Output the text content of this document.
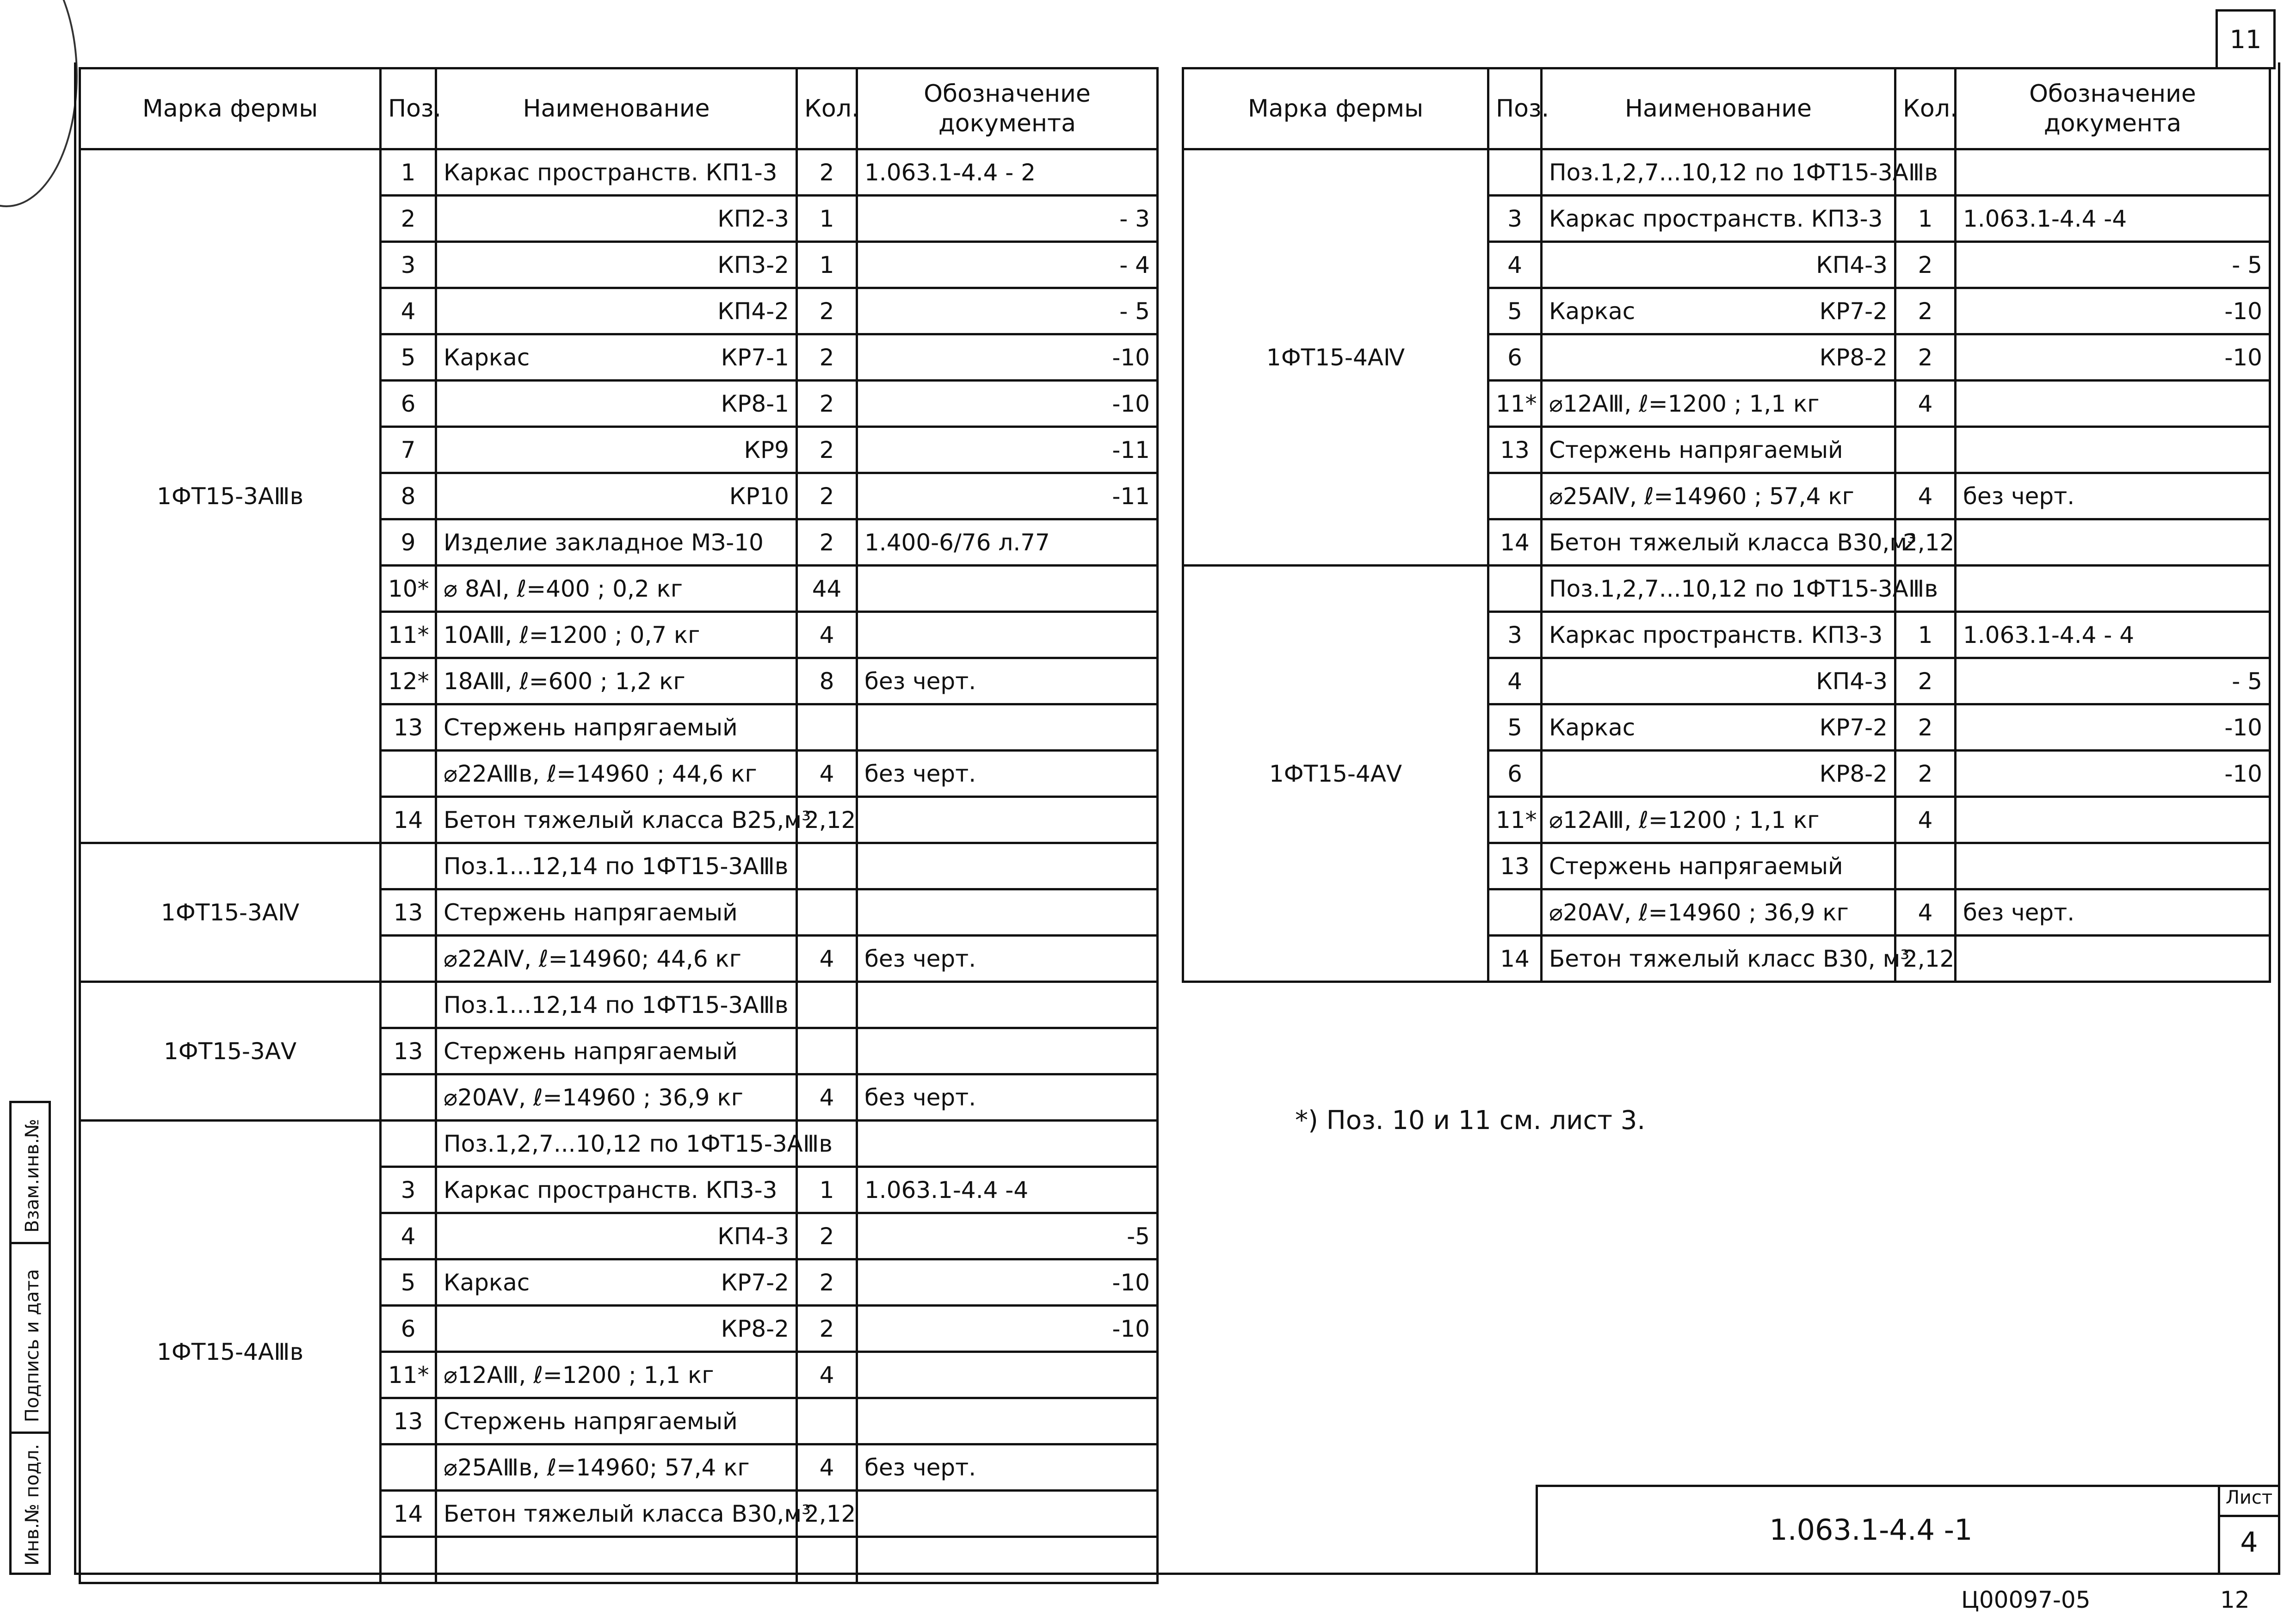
11
Марка фермы	Поз.	Наименование	Кол.	Обозначение документа
1ФТ15-3АⅢв	1	Каркас пространств. КП1-3	2	1.063.1-4.4 - 2
	2	КП2-3	1	- 3
	3	КП3-2	1	- 4
	4	КП4-2	2	- 5
	5	Каркас КР7-1	2	-10
	6	КР8-1	2	-10
	7	КР9	2	-11
	8	КР10	2	-11
	9	Изделие закладное МЗ-10	2	1.400-6/76 л.77
	10*	⌀ 8АⅠ, ℓ=400 ; 0,2 кг	44	
	11*	10АⅢ, ℓ=1200 ; 0,7 кг	4	
	12*	18АⅢ, ℓ=600 ; 1,2 кг	8	без черт.
	13	Стержень напрягаемый		
		⌀22АⅢв, ℓ=14960 ; 44,6 кг	4	без черт.
	14	Бетон тяжелый класса В25,м³	2,12	
1ФТ15-3АⅣ		Поз.1...12,14 по 1ФТ15-3АⅢв		
	13	Стержень напрягаемый		
		⌀22АⅣ, ℓ=14960; 44,6 кг	4	без черт.
1ФТ15-3АⅤ		Поз.1...12,14 по 1ФТ15-3АⅢв		
	13	Стержень напрягаемый		
		⌀20АⅤ, ℓ=14960 ; 36,9 кг	4	без черт.
1ФТ15-4АⅢв		Поз.1,2,7...10,12 по 1ФТ15-3АⅢв		
	3	Каркас пространств. КП3-3	1	1.063.1-4.4 -4
	4	КП4-3	2	-5
	5	Каркас КР7-2	2	-10
	6	КР8-2	2	-10
	11*	⌀12АⅢ, ℓ=1200 ; 1,1 кг	4	
	13	Стержень напрягаемый		
		⌀25АⅢв, ℓ=14960; 57,4 кг	4	без черт.
	14	Бетон тяжелый класса В30,м³	2,12	

Марка фермы	Поз.	Наименование	Кол.	Обозначение документа
1ФТ15-4АⅣ		Поз.1,2,7...10,12 по 1ФТ15-3АⅢв		
	3	Каркас пространств. КП3-3	1	1.063.1-4.4 -4
	4	КП4-3	2	- 5
	5	Каркас КР7-2	2	-10
	6	КР8-2	2	-10
	11*	⌀12АⅢ, ℓ=1200 ; 1,1 кг	4	
	13	Стержень напрягаемый		
		⌀25АⅣ, ℓ=14960 ; 57,4 кг	4	без черт.
	14	Бетон тяжелый класса В30,м³	2,12	
1ФТ15-4АⅤ		Поз.1,2,7...10,12 по 1ФТ15-3АⅢв		
	3	Каркас пространств. КП3-3	1	1.063.1-4.4 - 4
	4	КП4-3	2	- 5
	5	Каркас КР7-2	2	-10
	6	КР8-2	2	-10
	11*	⌀12АⅢ, ℓ=1200 ; 1,1 кг	4	
	13	Стержень напрягаемый		
		⌀20АⅤ, ℓ=14960 ; 36,9 кг	4	без черт.
	14	Бетон тяжелый класс В30, м³	2,12	
*) Поз. 10 и 11 см. лист 3.
1.063.1-4.4 -1
Лист
4
Взам.инв.№
Подпись и дата
Инв.№ подл.
Ц00097-05	12
